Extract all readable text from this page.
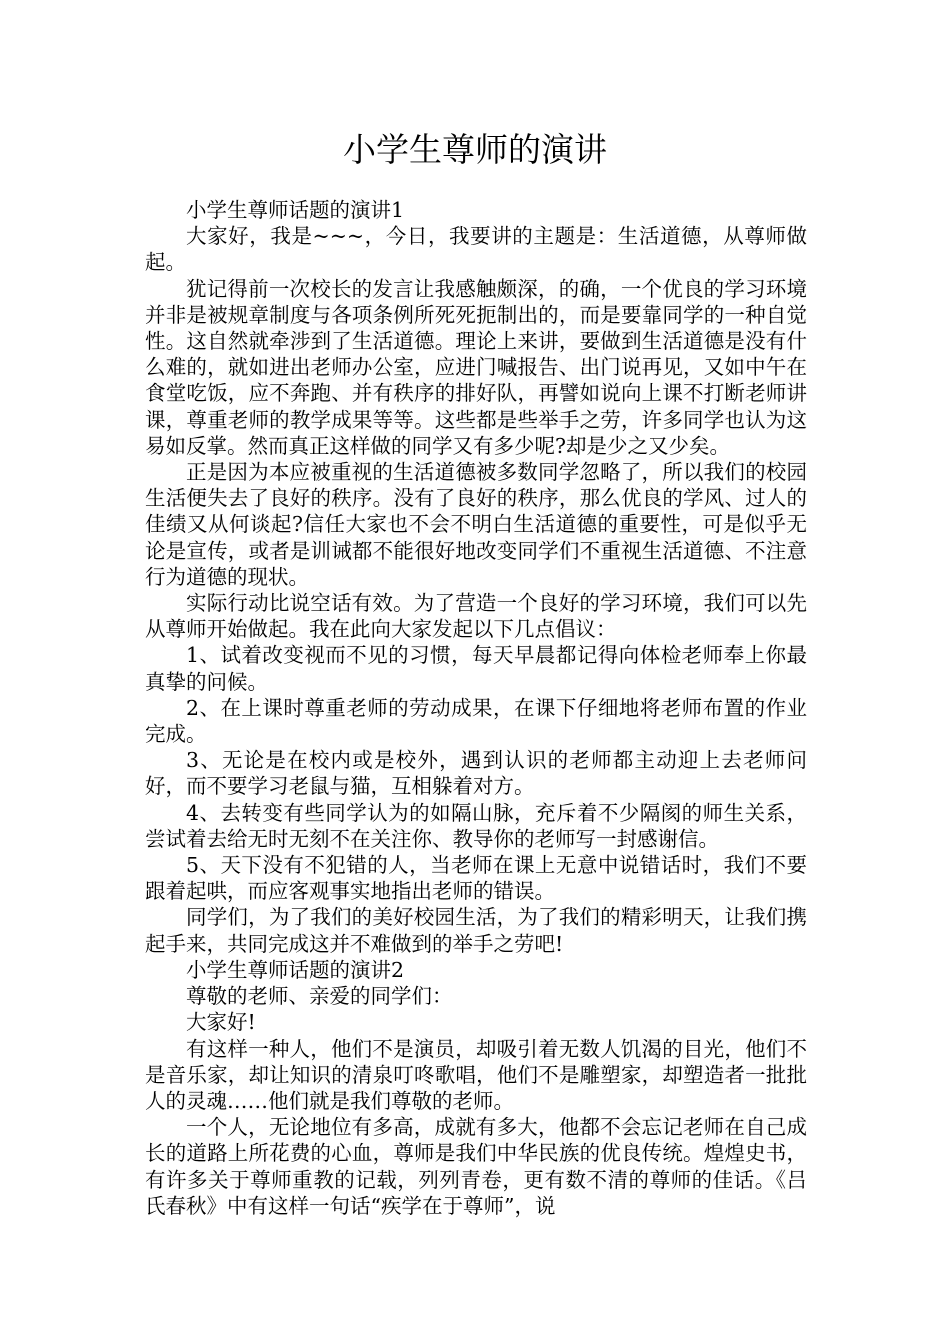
小学生尊师的演讲

小学生尊师话题的演讲1

大家好，我是~~~，今日，我要讲的主题是：生活道德，从尊师做起。

犹记得前一次校长的发言让我感触颇深，的确，一个优良的学习环境并非是被规章制度与各项条例所死死扼制出的，而是要靠同学的一种自觉性。这自然就牵涉到了生活道德。理论上来讲，要做到生活道德是没有什么难的，就如进出老师办公室，应进门喊报告、出门说再见，又如中午在食堂吃饭，应不奔跑、并有秩序的排好队，再譬如说向上课不打断老师讲课，尊重老师的教学成果等等。这些都是些举手之劳，许多同学也认为这易如反掌。然而真正这样做的同学又有多少呢?却是少之又少矣。

正是因为本应被重视的生活道德被多数同学忽略了，所以我们的校园生活便失去了良好的秩序。没有了良好的秩序，那么优良的学风、过人的佳绩又从何谈起?信任大家也不会不明白生活道德的重要性，可是似乎无论是宣传，或者是训诫都不能很好地改变同学们不重视生活道德、不注意行为道德的现状。

实际行动比说空话有效。为了营造一个良好的学习环境，我们可以先从尊师开始做起。我在此向大家发起以下几点倡议：

1、试着改变视而不见的习惯，每天早晨都记得向体检老师奉上你最真挚的问候。

2、在上课时尊重老师的劳动成果，在课下仔细地将老师布置的作业完成。

3、无论是在校内或是校外，遇到认识的老师都主动迎上去老师问好，而不要学习老鼠与猫，互相躲着对方。

4、去转变有些同学认为的如隔山脉，充斥着不少隔阂的师生关系，尝试着去给无时无刻不在关注你、教导你的老师写一封感谢信。

5、天下没有不犯错的人，当老师在课上无意中说错话时，我们不要跟着起哄，而应客观事实地指出老师的错误。

同学们，为了我们的美好校园生活，为了我们的精彩明天，让我们携起手来，共同完成这并不难做到的举手之劳吧!

小学生尊师话题的演讲2

尊敬的老师、亲爱的同学们：

大家好!

有这样一种人，他们不是演员，却吸引着无数人饥渴的目光，他们不是音乐家，却让知识的清泉叮咚歌唱，他们不是雕塑家，却塑造者一批批人的灵魂……他们就是我们尊敬的老师。

一个人，无论地位有多高，成就有多大，他都不会忘记老师在自己成长的道路上所花费的心血，尊师是我们中华民族的优良传统。煌煌史书，有许多关于尊师重教的记载，列列青卷，更有数不清的尊师的佳话。《吕氏春秋》中有这样一句话“疾学在于尊师”，说
